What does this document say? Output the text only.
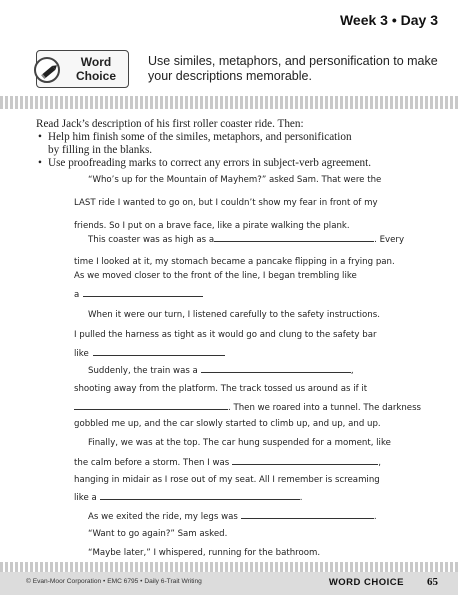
Week 3 • Day 3
Word
Choice
Use similes, metaphors, and personification to make your descriptions memorable.
Read Jack’s description of his first roller coaster ride. Then:
• Help him finish some of the similes, metaphors, and personification
by filling in the blanks.
• Use proofreading marks to correct any errors in subject-verb agreement.
“Who’s up for the Mountain of Mayhem?” asked Sam. That were the
LAST ride I wanted to go on, but I couldn’t show my fear in front of my
friends. So I put on a brave face, like a pirate walking the plank.
This coaster was as high as a	. Every
time I looked at it, my stomach became a pancake flipping in a frying pan.
As we moved closer to the front of the line, I began trembling like
a
When it were our turn, I listened carefully to the safety instructions.
I pulled the harness as tight as it would go and clung to the safety bar
like
Suddenly, the train was a	,
shooting away from the platform. The track tossed us around as if it
. Then we roared into a tunnel. The darkness
gobbled me up, and the car slowly started to climb up, and up, and up.
Finally, we was at the top. The car hung suspended for a moment, like
the calm before a storm. Then I was	,
hanging in midair as I rose out of my seat. All I remember is screaming
like a	.
As we exited the ride, my legs was	.
“Want to go again?” Sam asked.
“Maybe later,” I whispered, running for the bathroom.
© Evan-Moor Corporation • EMC 6795 • Daily 6-Trait Writing	WORD CHOICE 65
